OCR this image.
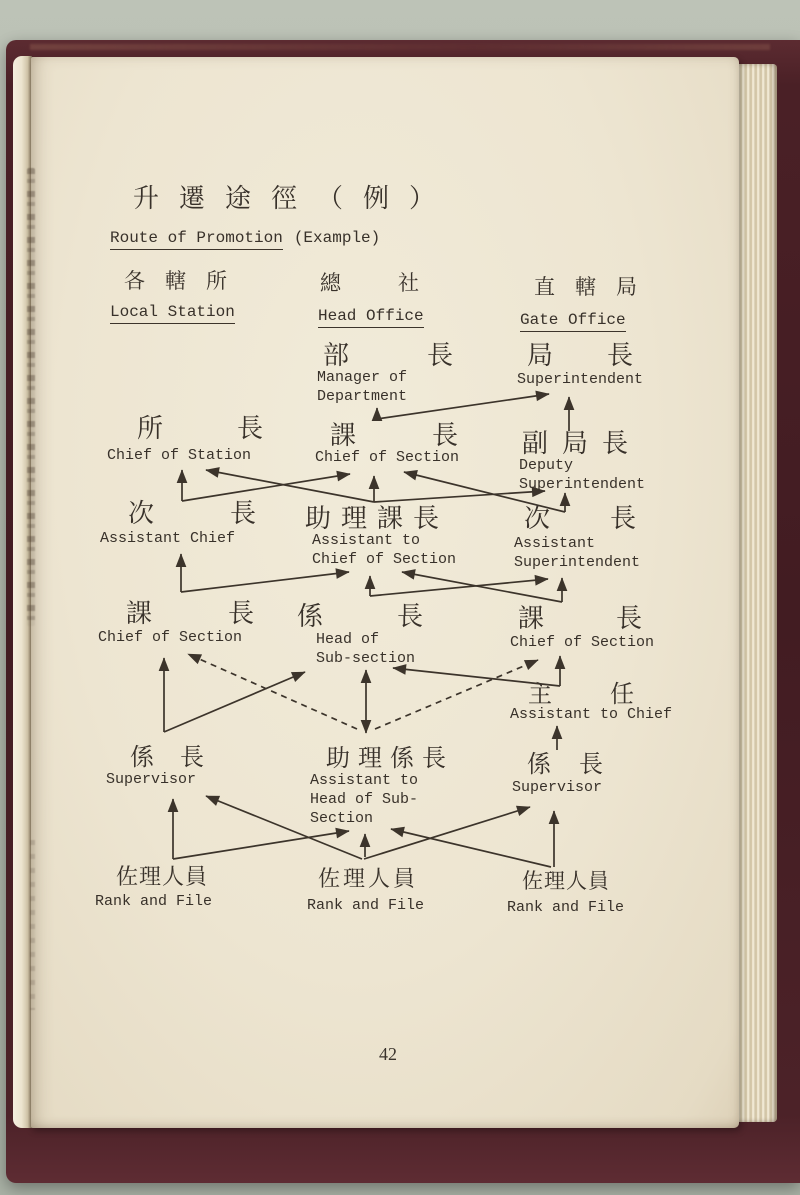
升遷途徑（例）
Route of Promotion (Example)
各轄所
Local Station
總　社
Head Office
直轄局
Gate Office
部　長
Manager of
Department
局　長
Superintendent
所　長
Chief of Station
課　長
Chief of Section 副局長
Deputy
Superintendent
次　長
Assistant Chief
助理課長
Assistant to
Chief of Section
次　長
Assistant
Superintendent
課　長
Chief of Section
係　長
Head of
Sub-section
課　長
Chief of Section
主　任
Assistant to Chief
係　長
Supervisor
助理係長
Assistant to
Head of Sub-
Section
係　長
Supervisor
佐理人員
Rank and File
佐理人員
Rank and File
佐理人員
Rank and File
42
